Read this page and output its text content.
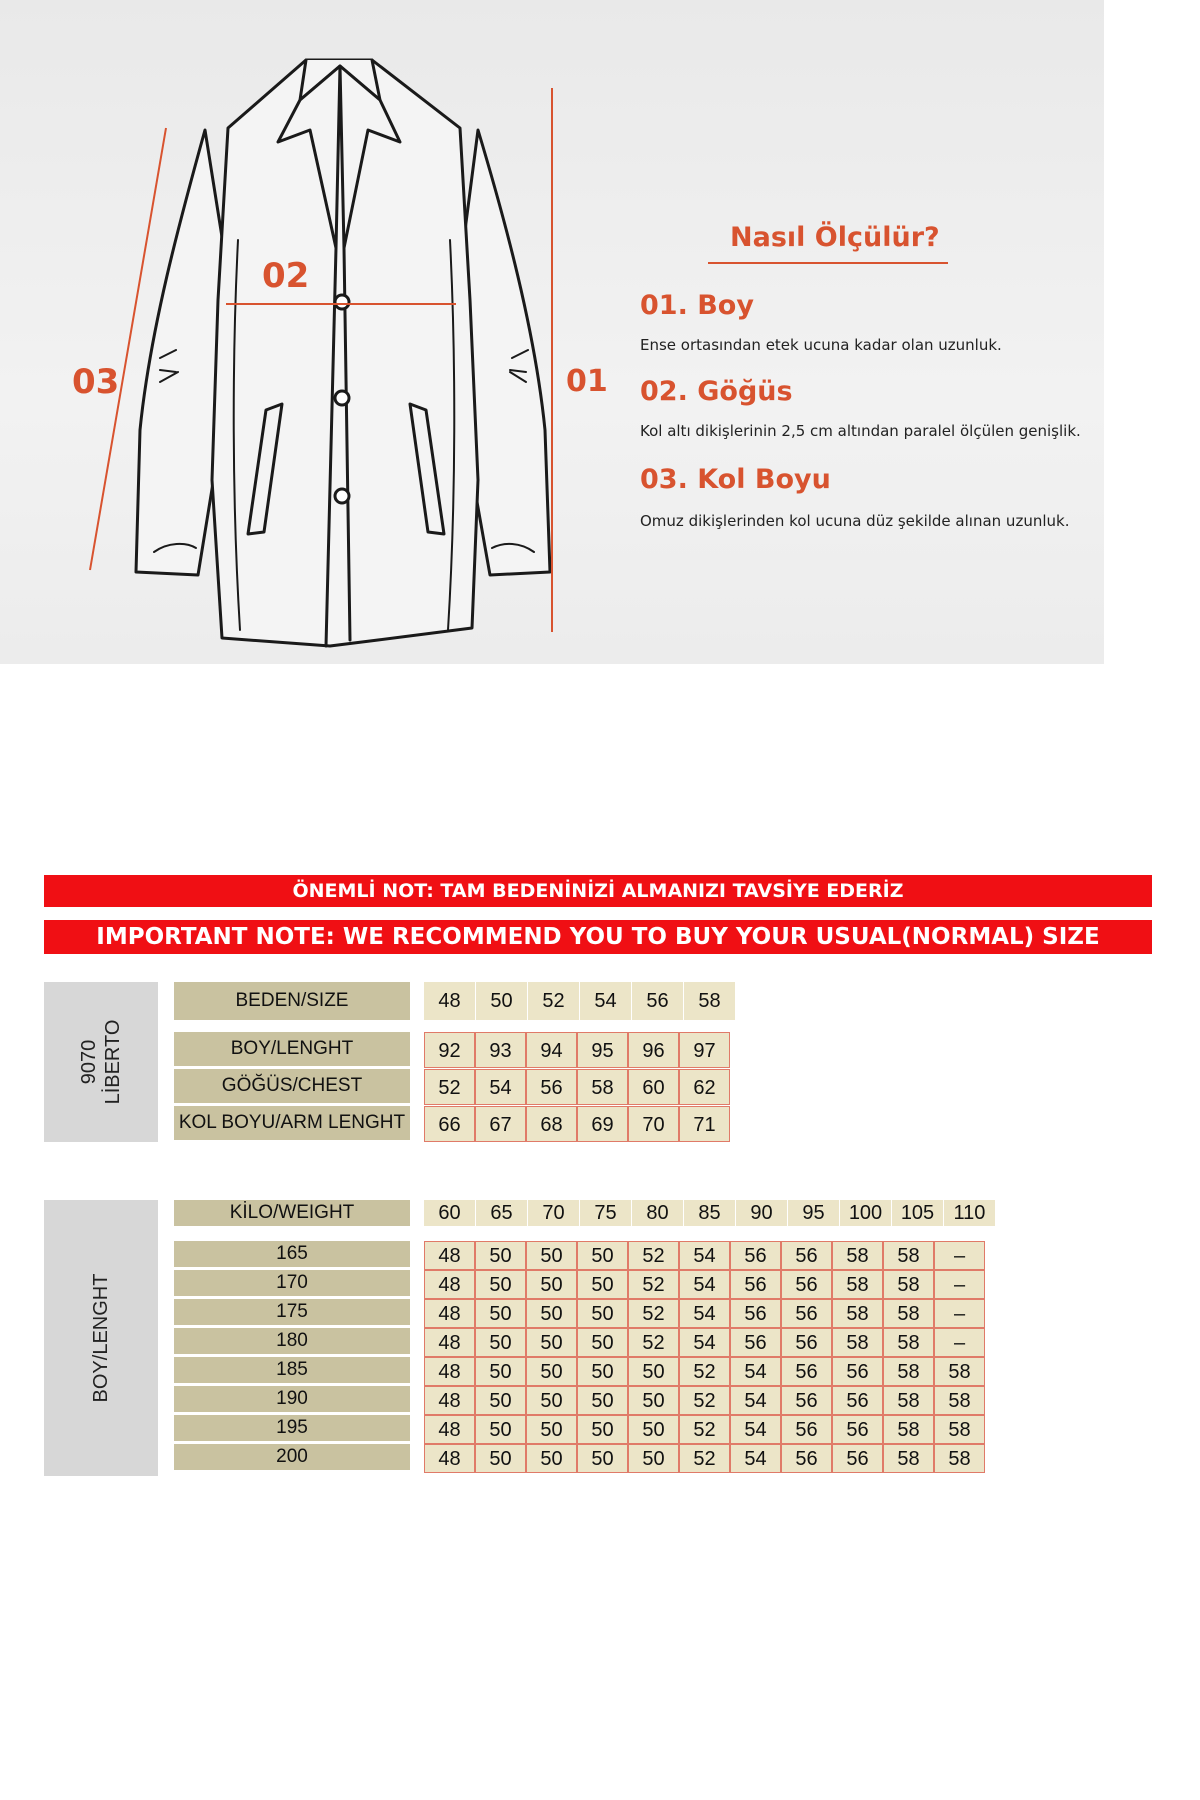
03
02
01
Nasıl Ölçülür?
01. Boy
Ense ortasından etek ucuna kadar olan uzunluk.
02. Göğüs
Kol altı dikişlerinin 2,5 cm altından paralel ölçülen genişlik.
03. Kol Boyu
Omuz dikişlerinden kol ucuna düz şekilde alınan uzunluk.
ÖNEMLİ NOT: TAM BEDENİNİZİ ALMANIZI TAVSİYE EDERİZ
IMPORTANT NOTE: WE RECOMMEND YOU TO BUY YOUR USUAL(NORMAL) SIZE
9070 LİBERTO
BEDEN/SIZE	48	50	52	54	56	58
BOY/LENGHT	92	93	94	95	96	97
GÖĞÜS/CHEST	52	54	56	58	60	62
KOL BOYU/ARM LENGHT	66	67	68	69	70	71
BOY/LENGHT
KİLO/WEIGHT	60	65	70	75	80	85	90	95	100 105 110
165	48	50	50	50	52	54	56	56	58	58	–
170	48	50	50	50	52	54	56	56	58	58	–
175	48	50	50	50	52	54	56	56	58	58	–
180	48	50	50	50	52	54	56	56	58	58	–
185	48	50	50	50	50	52	54	56	56	58	58
190	48	50	50	50	50	52	54	56	56	58	58
195	48	50	50	50	50	52	54	56	56	58	58
200	48	50	50	50	50	52	54	56	56	58	58
